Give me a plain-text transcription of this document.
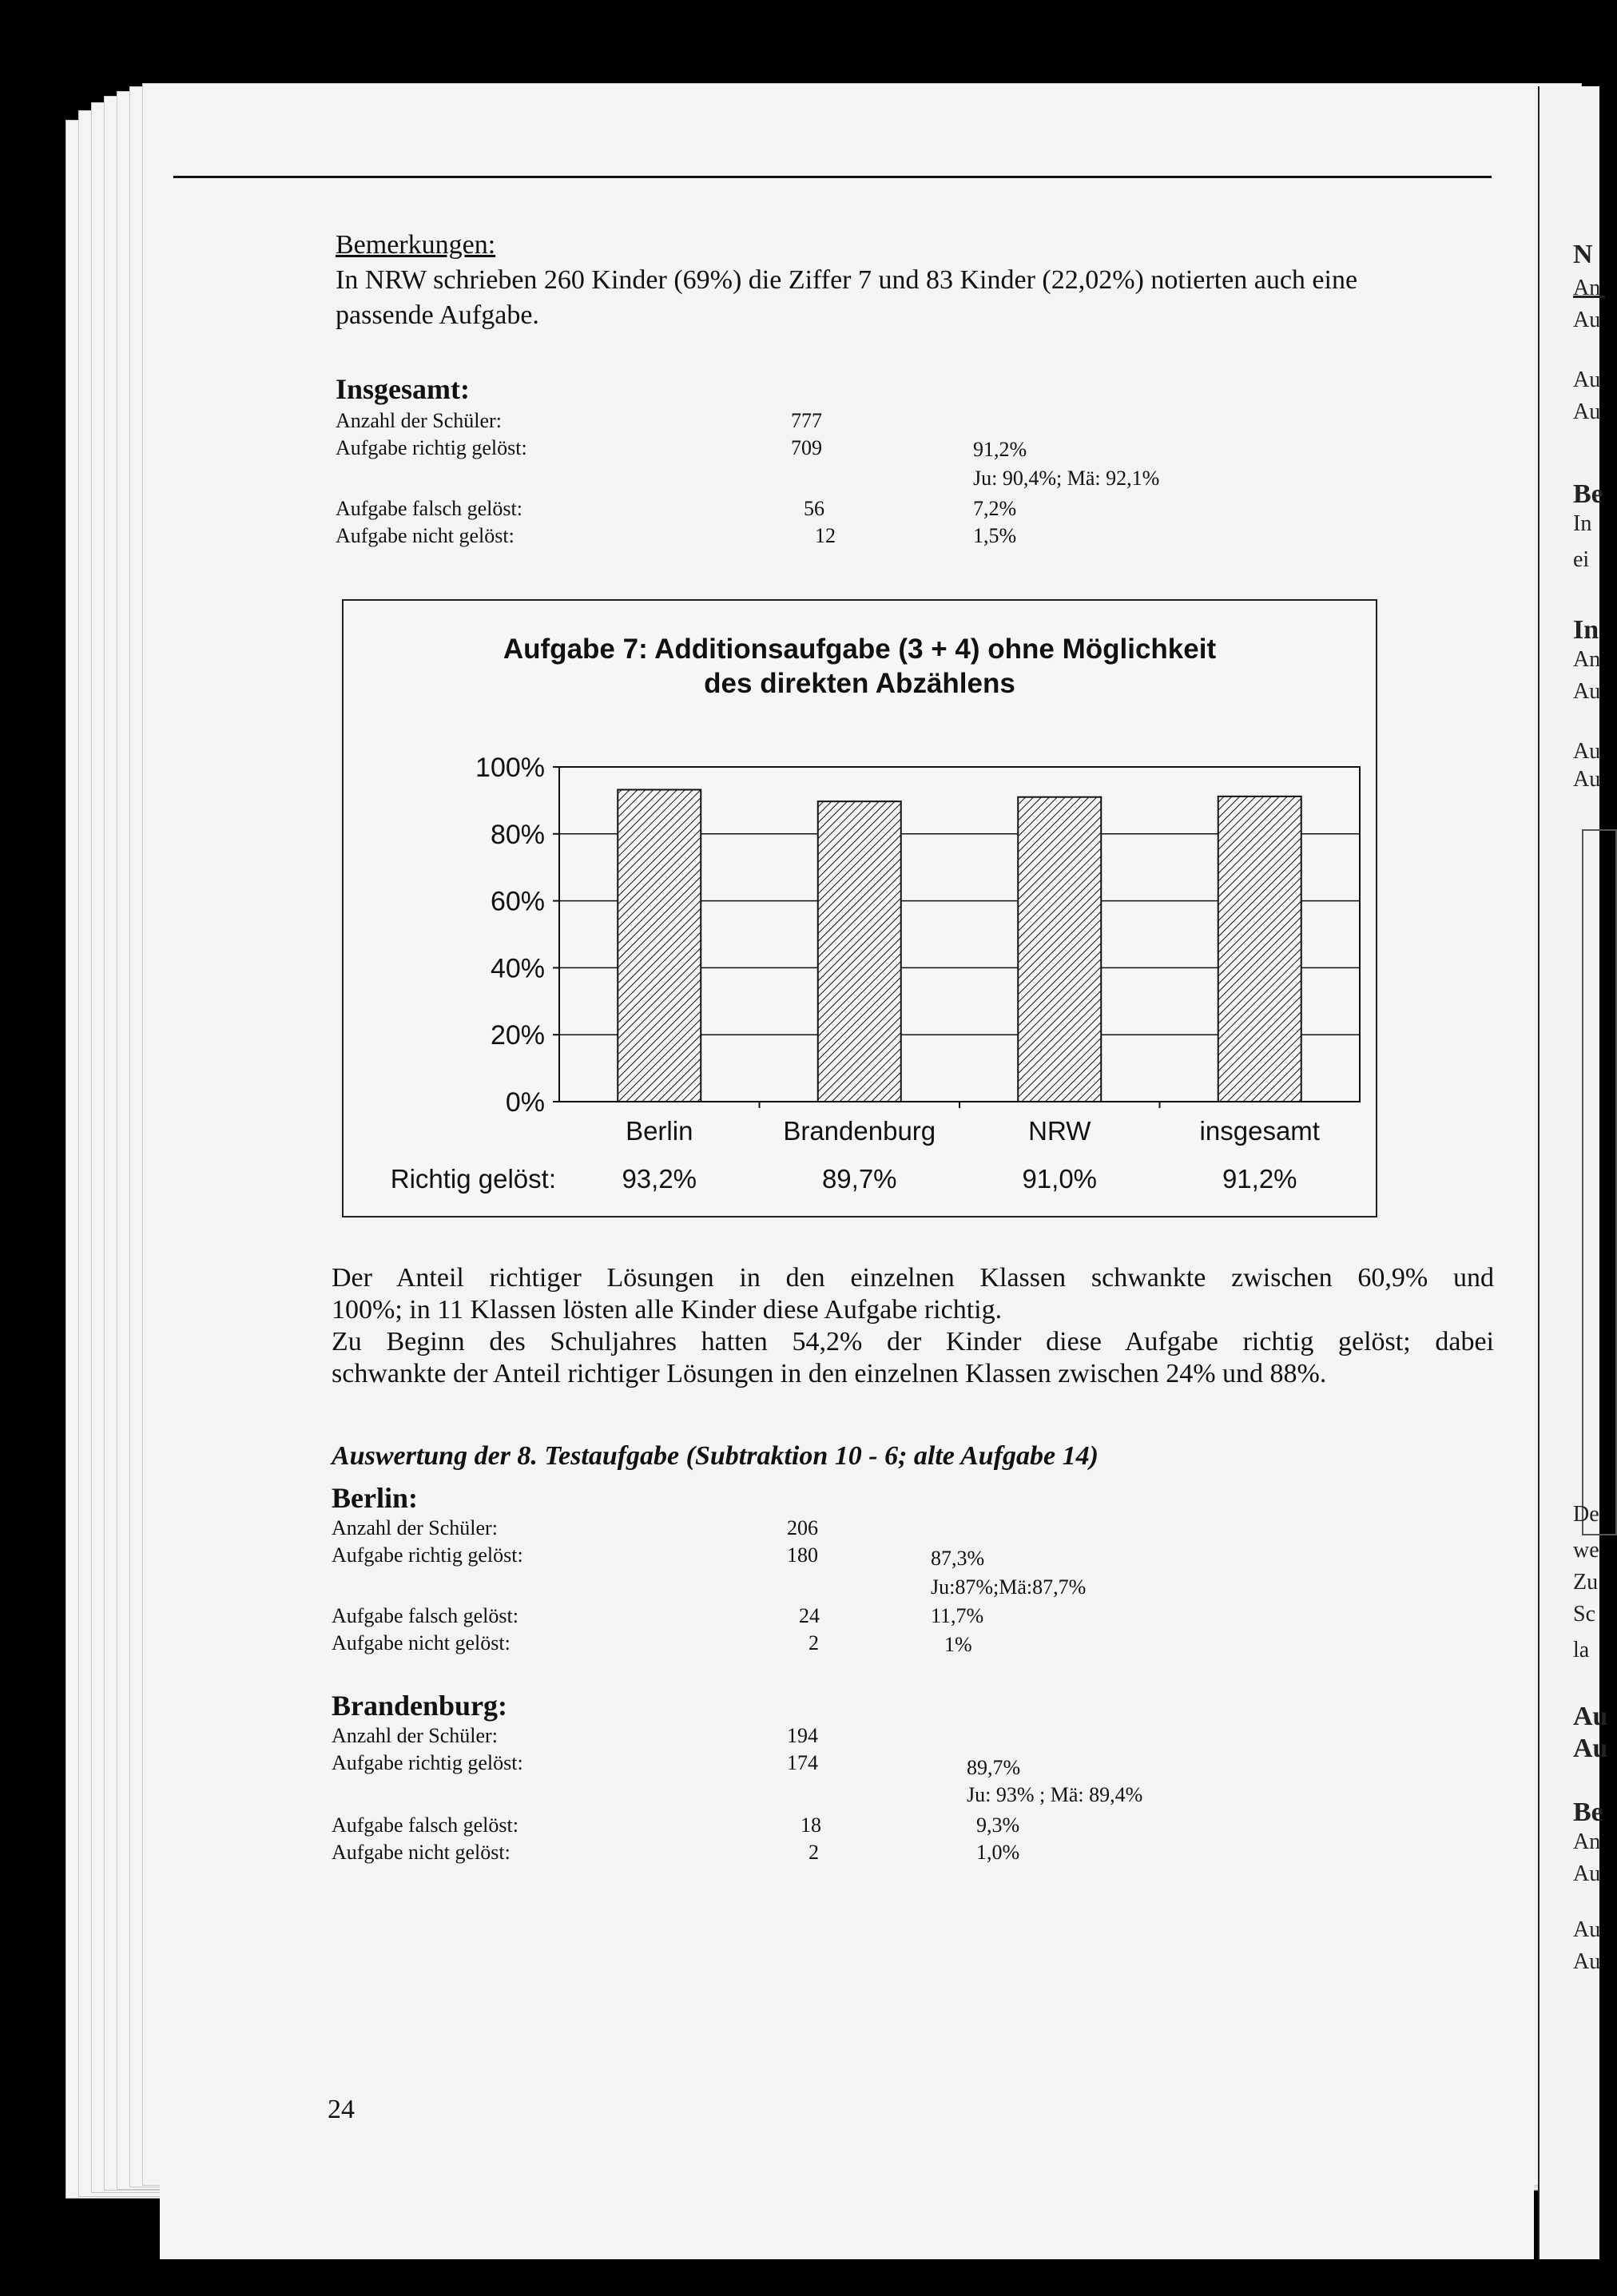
Bemerkungen:
In NRW schrieben 260 Kinder (69%) die Ziffer 7 und 83 Kinder (22,02%) notierten auch eine
passende Aufgabe.
Insgesamt:
Anzahl der Schüler:	777
Aufgabe richtig gelöst:	709	91,2%
Ju: 90,4%; Mä: 92,1%
Aufgabe falsch gelöst:	56	7,2%
Aufgabe nicht gelöst:	12	1,5%
Aufgabe 7: Additionsaufgabe (3 + 4) ohne Möglichkeit
des direkten Abzählens
0%
20%
40%
60%
80%
100%
Berlin
93,2%
Brandenburg
89,7%
NRW
91,0%
insgesamt
91,2%
Richtig gelöst:
Der Anteil richtiger Lösungen in den einzelnen Klassen schwankte zwischen 60,9% und
100%; in 11 Klassen lösten alle Kinder diese Aufgabe richtig.
Zu Beginn des Schuljahres hatten 54,2% der Kinder diese Aufgabe richtig gelöst; dabei
schwankte der Anteil richtiger Lösungen in den einzelnen Klassen zwischen 24% und 88%.
Auswertung der 8. Testaufgabe (Subtraktion 10 - 6; alte Aufgabe 14)
Berlin:
Anzahl der Schüler:	206
Aufgabe richtig gelöst:	180	87,3%
Ju:87%;Mä:87,7%
Aufgabe falsch gelöst:	24	11,7%
Aufgabe nicht gelöst:	2	1%
Brandenburg:
Anzahl der Schüler:	194
Aufgabe richtig gelöst:	174	89,7%
Ju: 93% ; Mä: 89,4%
Aufgabe falsch gelöst:	18	9,3%
Aufgabe nicht gelöst:	2	1,0%
24
N
An
Au
Au
Au
Be
In
ei
In
An
Au
Au
Au
De
we
Zu
Sc
la
Au
Au
Be
An
Au
Au
Au
